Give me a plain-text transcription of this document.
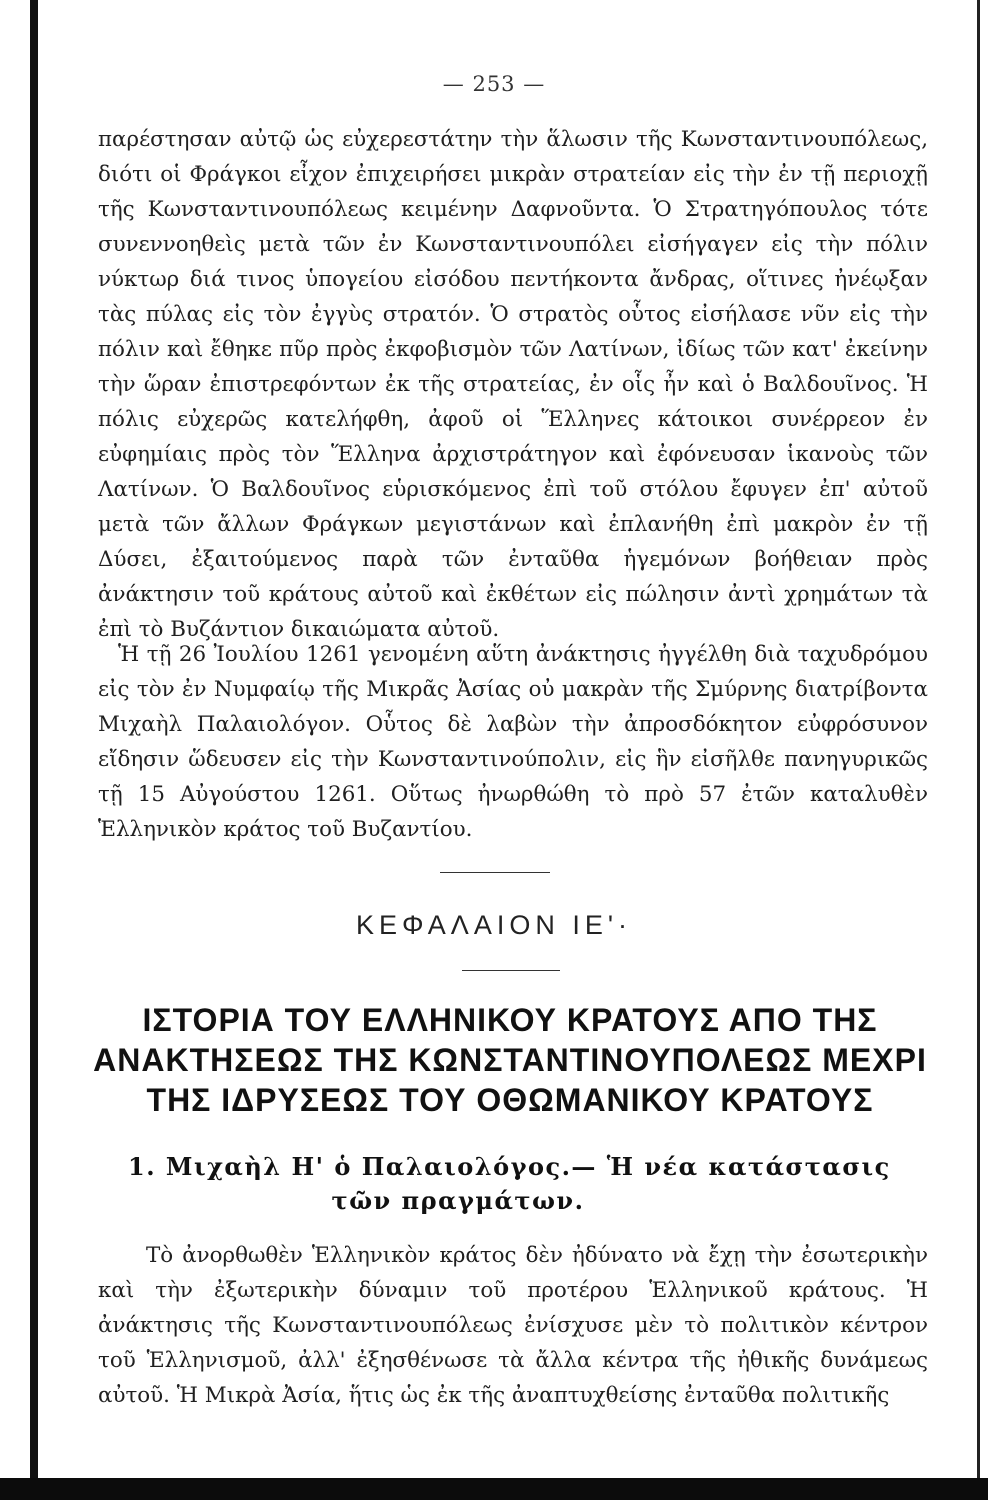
— 253 —

παρέστησαν αὐτῷ ὡς εὐχερεστάτην τὴν ἅλωσιν τῆς Κωνσταντινουπόλεως, διότι οἱ Φράγκοι εἶχον ἐπιχειρήσει μικρὰν στρατείαν εἰς τὴν ἐν τῇ περιοχῇ τῆς Κωνσταντινουπόλεως κειμένην Δαφνοῦντα. Ὁ Στρατηγόπουλος τότε συνεννοηθεὶς μετὰ τῶν ἐν Κωνσταντινουπόλει εἰσήγαγεν εἰς τὴν πόλιν νύκτωρ διά τινος ὑπογείου εἰσόδου πεντήκοντα ἄνδρας, οἵτινες ἠνέῳξαν τὰς πύλας εἰς τὸν ἐγγὺς στρατόν. Ὁ στρατὸς οὗτος εἰσήλασε νῦν εἰς τὴν πόλιν καὶ ἔθηκε πῦρ πρὸς ἐκφοβισμὸν τῶν Λατίνων, ἰδίως τῶν κατ' ἐκείνην τὴν ὥραν ἐπιστρεφόντων ἐκ τῆς στρατείας, ἐν οἷς ἦν καὶ ὁ Βαλδουῖνος. Ἡ πόλις εὐχερῶς κατελήφθη, ἀφοῦ οἱ Ἕλληνες κάτοικοι συνέρρεον ἐν εὐφημίαις πρὸς τὸν Ἕλληνα ἀρχιστράτηγον καὶ ἐφόνευσαν ἱκανοὺς τῶν Λατίνων. Ὁ Βαλδουῖνος εὑρισκόμενος ἐπὶ τοῦ στόλου ἔφυγεν ἐπ' αὐτοῦ μετὰ τῶν ἄλλων Φράγκων μεγιστάνων καὶ ἐπλανήθη ἐπὶ μακρὸν ἐν τῇ Δύσει, ἐξαιτούμενος παρὰ τῶν ἐνταῦθα ἡγεμόνων βοήθειαν πρὸς ἀνάκτησιν τοῦ κράτους αὐτοῦ καὶ ἐκθέτων εἰς πώλησιν ἀντὶ χρημάτων τὰ ἐπὶ τὸ Βυζάντιον δικαιώματα αὐτοῦ.

Ἡ τῇ 26 Ἰουλίου 1261 γενομένη αὕτη ἀνάκτησις ἠγγέλθη διὰ ταχυδρόμου εἰς τὸν ἐν Νυμφαίῳ τῆς Μικρᾶς Ἀσίας οὐ μακρὰν τῆς Σμύρνης διατρίβοντα Μιχαὴλ Παλαιολόγον. Οὗτος δὲ λαβὼν τὴν ἀπροσδόκητον εὐφρόσυνον εἴδησιν ὥδευσεν εἰς τὴν Κωνσταντινούπολιν, εἰς ἣν εἰσῆλθε πανηγυρικῶς τῇ 15 Αὐγούστου 1261. Οὕτως ἠνωρθώθη τὸ πρὸ 57 ἐτῶν καταλυθὲν Ἑλληνικὸν κράτος τοῦ Βυζαντίου.

ΚΕΦΑΛΑΙΟΝ ΙΕ'·
ΙΣΤΟΡΙΑ ΤΟΥ ΕΛΛΗΝΙΚΟΥ ΚΡΑΤΟΥΣ ΑΠΟ ΤΗΣ ΑΝΑΚΤΗΣΕΩΣ ΤΗΣ ΚΩΝΣΤΑΝΤΙΝΟΥΠΟΛΕΩΣ ΜΕΧΡΙ ΤΗΣ ΙΔΡΥΣΕΩΣ ΤΟΥ ΟΘΩΜΑΝΙΚΟΥ ΚΡΑΤΟΥΣ
1. Μιχαὴλ Η' ὁ Παλαιολόγος.— Ἡ νέα κατάστασις
τῶν πραγμάτων.

Τὸ ἀνορθωθὲν Ἑλληνικὸν κράτος δὲν ἠδύνατο νὰ ἔχῃ τὴν ἐσωτερικὴν καὶ τὴν ἐξωτερικὴν δύναμιν τοῦ προτέρου Ἑλληνικοῦ κράτους. Ἡ ἀνάκτησις τῆς Κωνσταντινουπόλεως ἐνίσχυσε μὲν τὸ πολιτικὸν κέντρον τοῦ Ἑλληνισμοῦ, ἀλλ' ἐξησθένωσε τὰ ἄλλα κέντρα τῆς ἠθικῆς δυνάμεως αὐτοῦ. Ἡ Μικρὰ Ἀσία, ἥτις ὡς ἐκ τῆς ἀναπτυχθείσης ἐνταῦθα πολιτικῆς
